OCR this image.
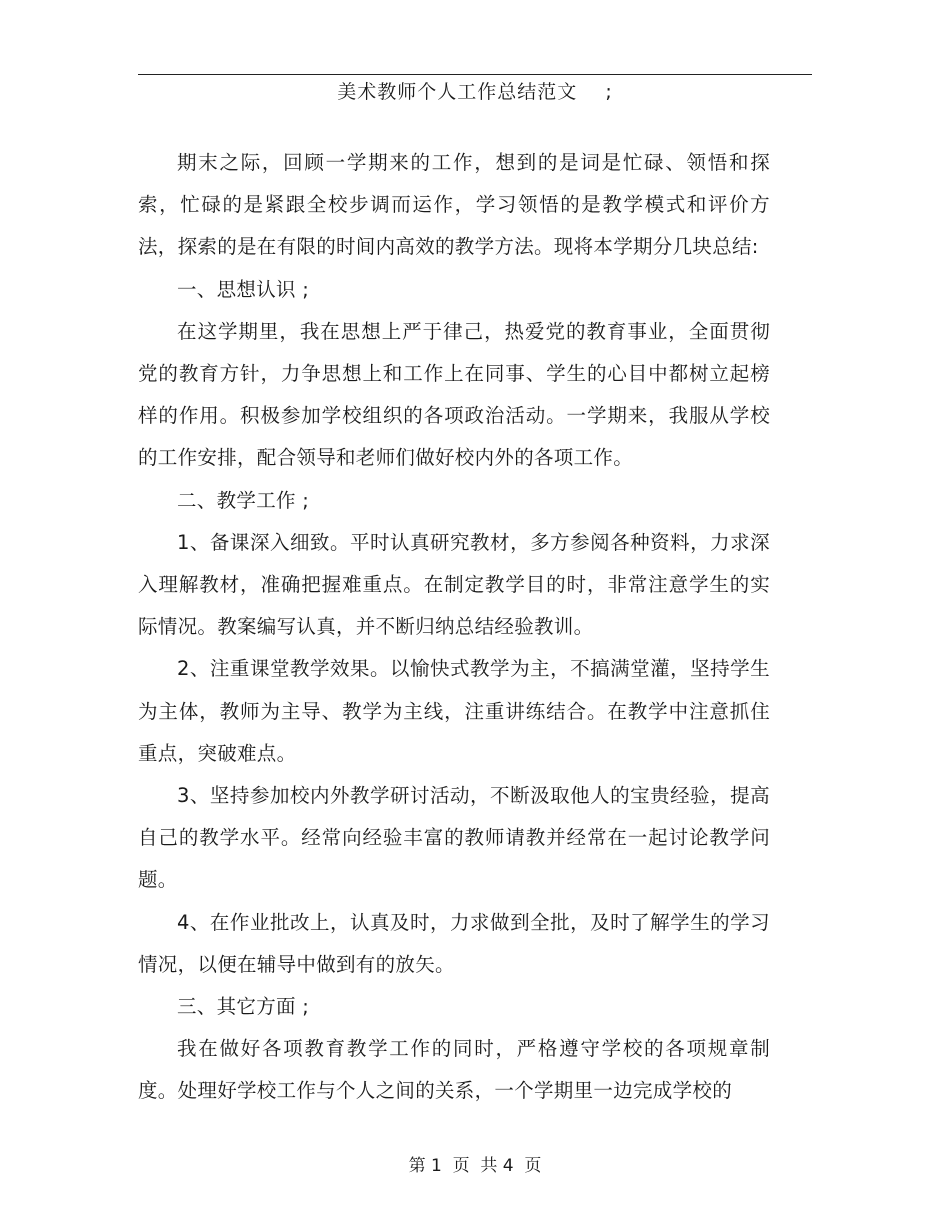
美术教师个人工作总结范文    ;

期末之际，回顾一学期来的工作，想到的是词是忙碌、领悟和探索，忙碌的是紧跟全校步调而运作，学习领悟的是教学模式和评价方法，探索的是在有限的时间内高效的教学方法。现将本学期分几块总结:

一、思想认识 ;

在这学期里，我在思想上严于律己，热爱党的教育事业，全面贯彻党的教育方针，力争思想上和工作上在同事、学生的心目中都树立起榜样的作用。积极参加学校组织的各项政治活动。一学期来，我服从学校的工作安排，配合领导和老师们做好校内外的各项工作。

二、教学工作 ;

1、备课深入细致。平时认真研究教材，多方参阅各种资料，力求深入理解教材，准确把握难重点。在制定教学目的时，非常注意学生的实际情况。教案编写认真，并不断归纳总结经验教训。

2、注重课堂教学效果。以愉快式教学为主，不搞满堂灌，坚持学生为主体，教师为主导、教学为主线，注重讲练结合。在教学中注意抓住重点，突破难点。

3、坚持参加校内外教学研讨活动，不断汲取他人的宝贵经验，提高自己的教学水平。经常向经验丰富的教师请教并经常在一起讨论教学问题。

4、在作业批改上，认真及时，力求做到全批，及时了解学生的学习情况，以便在辅导中做到有的放矢。

三、其它方面 ;

我在做好各项教育教学工作的同时，严格遵守学校的各项规章制度。处理好学校工作与个人之间的关系，一个学期里一边完成学校的

第 1  页  共 4  页
